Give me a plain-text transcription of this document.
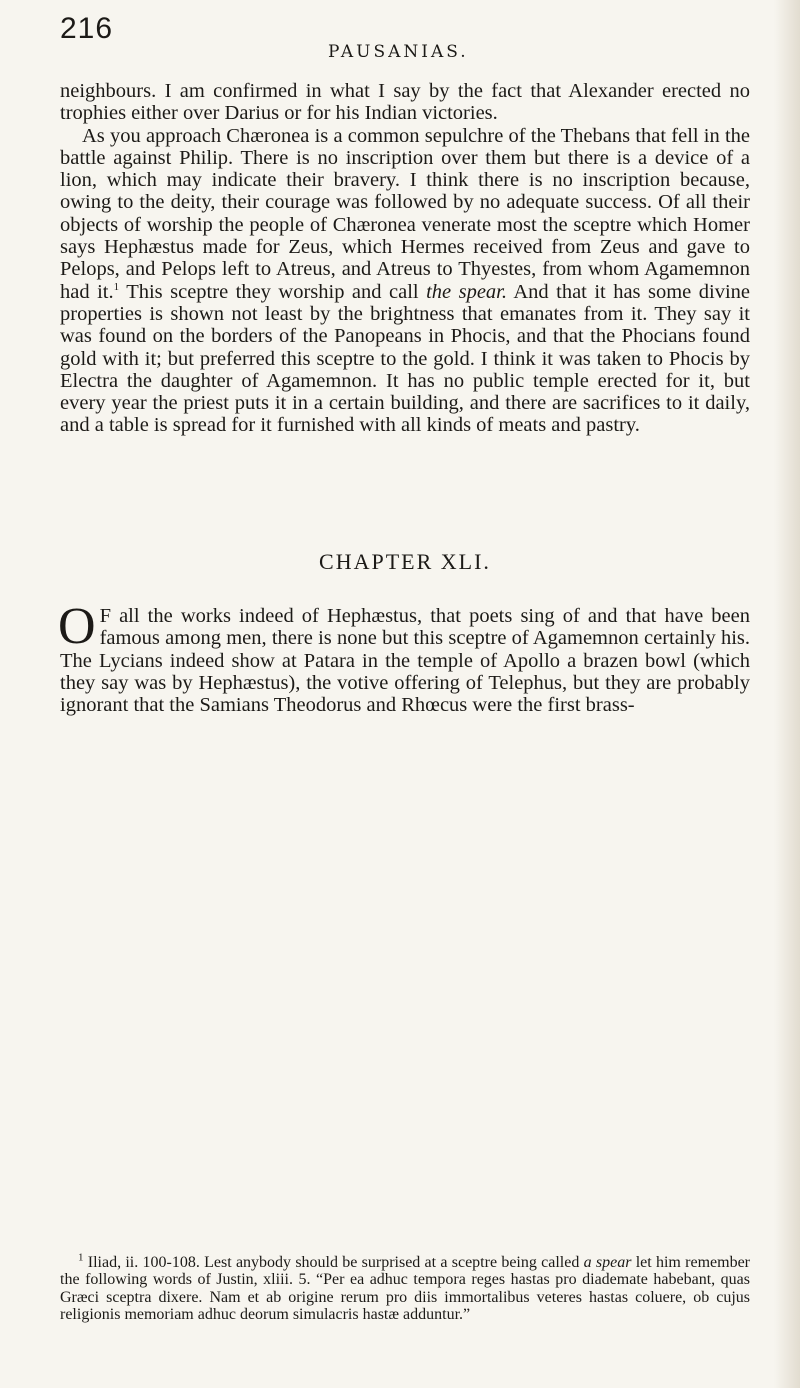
216
PAUSANIAS.

neighbours. I am confirmed in what I say by the fact that Alexander erected no trophies either over Darius or for his Indian victories.

As you approach Chæronea is a common sepulchre of the Thebans that fell in the battle against Philip. There is no inscription over them but there is a device of a lion, which may indicate their bravery. I think there is no inscription because, owing to the deity, their courage was followed by no adequate success. Of all their objects of worship the people of Chæronea venerate most the sceptre which Homer says Hephæstus made for Zeus, which Hermes received from Zeus and gave to Pelops, and Pelops left to Atreus, and Atreus to Thyestes, from whom Agamemnon had it.$^1$ This sceptre they worship and call the spear. And that it has some divine properties is shown not least by the brightness that emanates from it. They say it was found on the borders of the Panopeans in Phocis, and that the Phocians found gold with it; but preferred this sceptre to the gold. I think it was taken to Phocis by Electra the daughter of Agamemnon. It has no public temple erected for it, but every year the priest puts it in a certain building, and there are sacrifices to it daily, and a table is spread for it furnished with all kinds of meats and pastry.

CHAPTER XLI.
O F all the works indeed of Hephæstus, that poets sing of and that have been famous among men, there is none but this sceptre of Agamemnon certainly his. The Lycians indeed show at Patara in the temple of Apollo a brazen bowl (which they say was by Hephæstus), the votive offering of Telephus, but they are probably ignorant that the Samians Theodorus and Rhœcus were the first brass-
$^1$ Iliad, ii. 100-108. Lest anybody should be surprised at a sceptre being called a spear let him remember the following words of Justin, xliii. 5. “Per ea adhuc tempora reges hastas pro diademate habebant, quas Græci sceptra dixere. Nam et ab origine rerum pro diis immortalibus veteres hastas coluere, ob cujus religionis memoriam adhuc deorum simulacris hastæ adduntur.”
